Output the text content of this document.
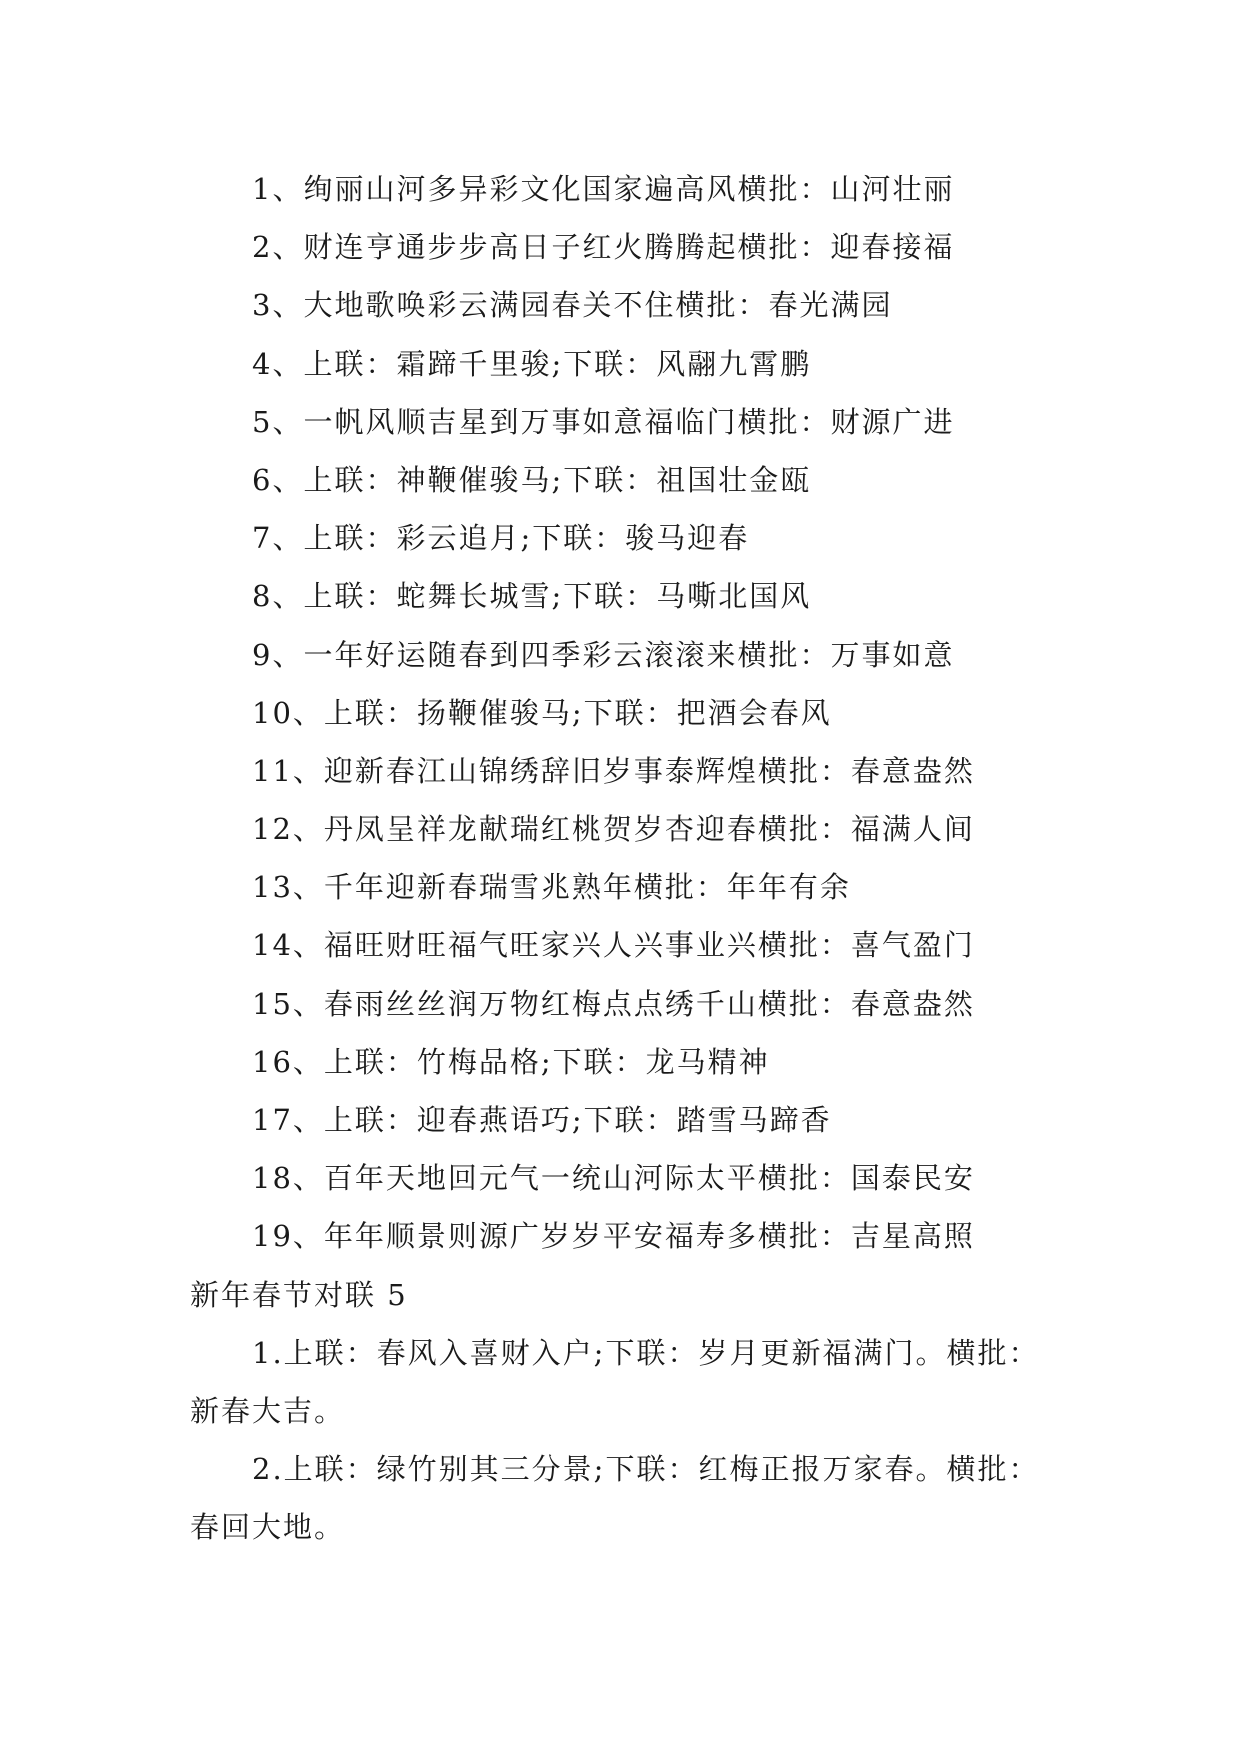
1、绚丽山河多异彩文化国家遍高风横批：山河壮丽
2、财连亨通步步高日子红火腾腾起横批：迎春接福
3、大地歌唤彩云满园春关不住横批：春光满园
4、上联：霜蹄千里骏;下联：风翮九霄鹏
5、一帆风顺吉星到万事如意福临门横批：财源广进
6、上联：神鞭催骏马;下联：祖国壮金瓯
7、上联：彩云追月;下联：骏马迎春
8、上联：蛇舞长城雪;下联：马嘶北国风
9、一年好运随春到四季彩云滚滚来横批：万事如意
10、上联：扬鞭催骏马;下联：把酒会春风
11、迎新春江山锦绣辞旧岁事泰辉煌横批：春意盎然
12、丹凤呈祥龙献瑞红桃贺岁杏迎春横批：福满人间
13、千年迎新春瑞雪兆熟年横批：年年有余
14、福旺财旺福气旺家兴人兴事业兴横批：喜气盈门
15、春雨丝丝润万物红梅点点绣千山横批：春意盎然
16、上联：竹梅品格;下联：龙马精神
17、上联：迎春燕语巧;下联：踏雪马蹄香
18、百年天地回元气一统山河际太平横批：国泰民安
19、年年顺景则源广岁岁平安福寿多横批：吉星高照
新年春节对联 5

1.上联：春风入喜财入户;下联：岁月更新福满门。横批：新春大吉。

2.上联：绿竹别其三分景;下联：红梅正报万家春。横批：春回大地。
